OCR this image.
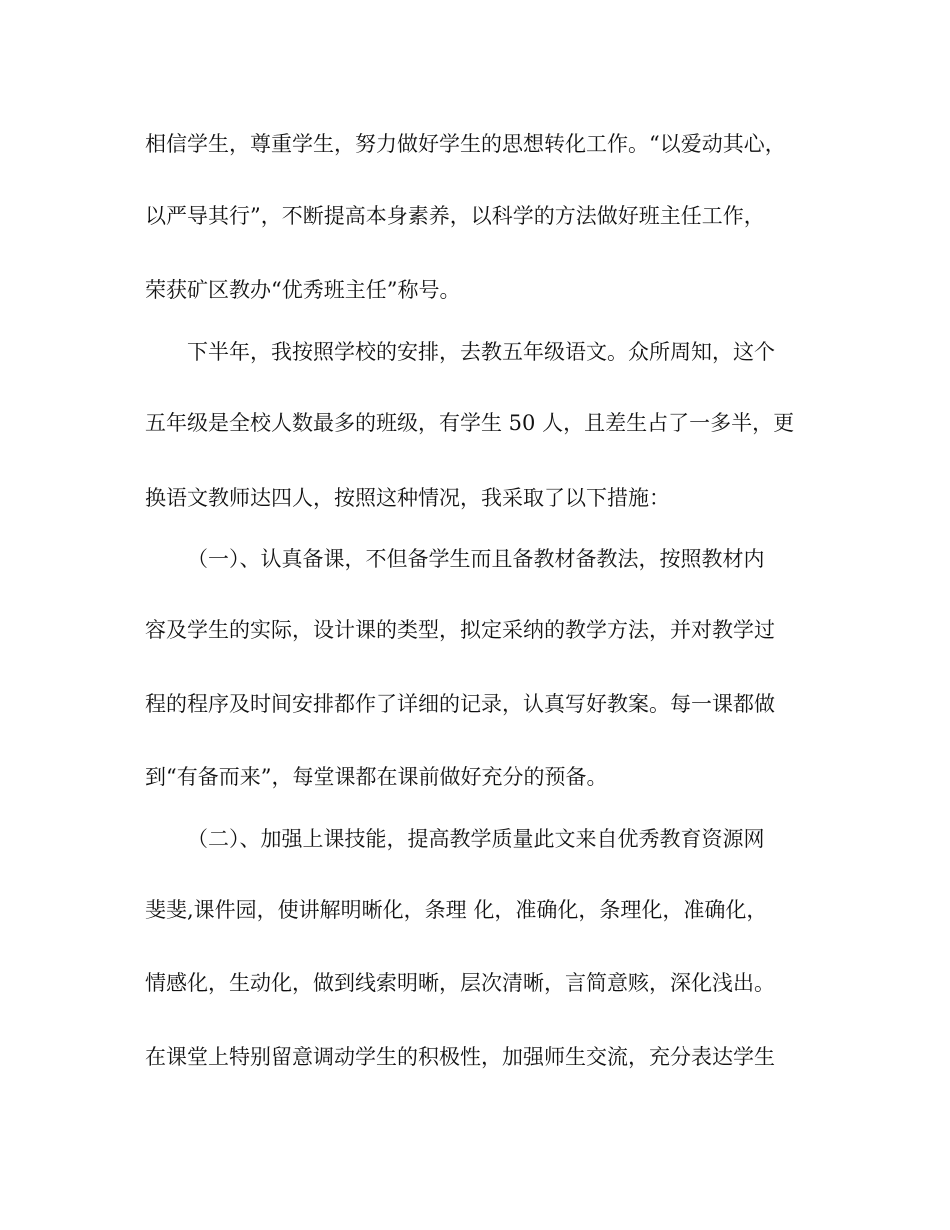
相信学生，尊重学生，努力做好学生的思想转化工作。“以爱动其心，
以严导其行”，不断提高本身素养，以科学的方法做好班主任工作，
荣获矿区教办“优秀班主任”称号。
下半年，我按照学校的安排，去教五年级语文。众所周知，这个
五年级是全校人数最多的班级，有学生 50 人，且差生占了一多半，更
换语文教师达四人，按照这种情况，我采取了以下措施：
（一）、认真备课，不但备学生而且备教材备教法，按照教材内
容及学生的实际，设计课的类型，拟定采纳的教学方法，并对教学过
程的程序及时间安排都作了详细的记录，认真写好教案。每一课都做
到“有备而来”，每堂课都在课前做好充分的预备。
（二）、加强上课技能，提高教学质量此文来自优秀教育资源网
斐斐,课件园，使讲解明晰化，条理 化，准确化，条理化，准确化，
情感化，生动化，做到线索明晰，层次清晰，言简意赅，深化浅出。
在课堂上特别留意调动学生的积极性，加强师生交流，充分表达学生
